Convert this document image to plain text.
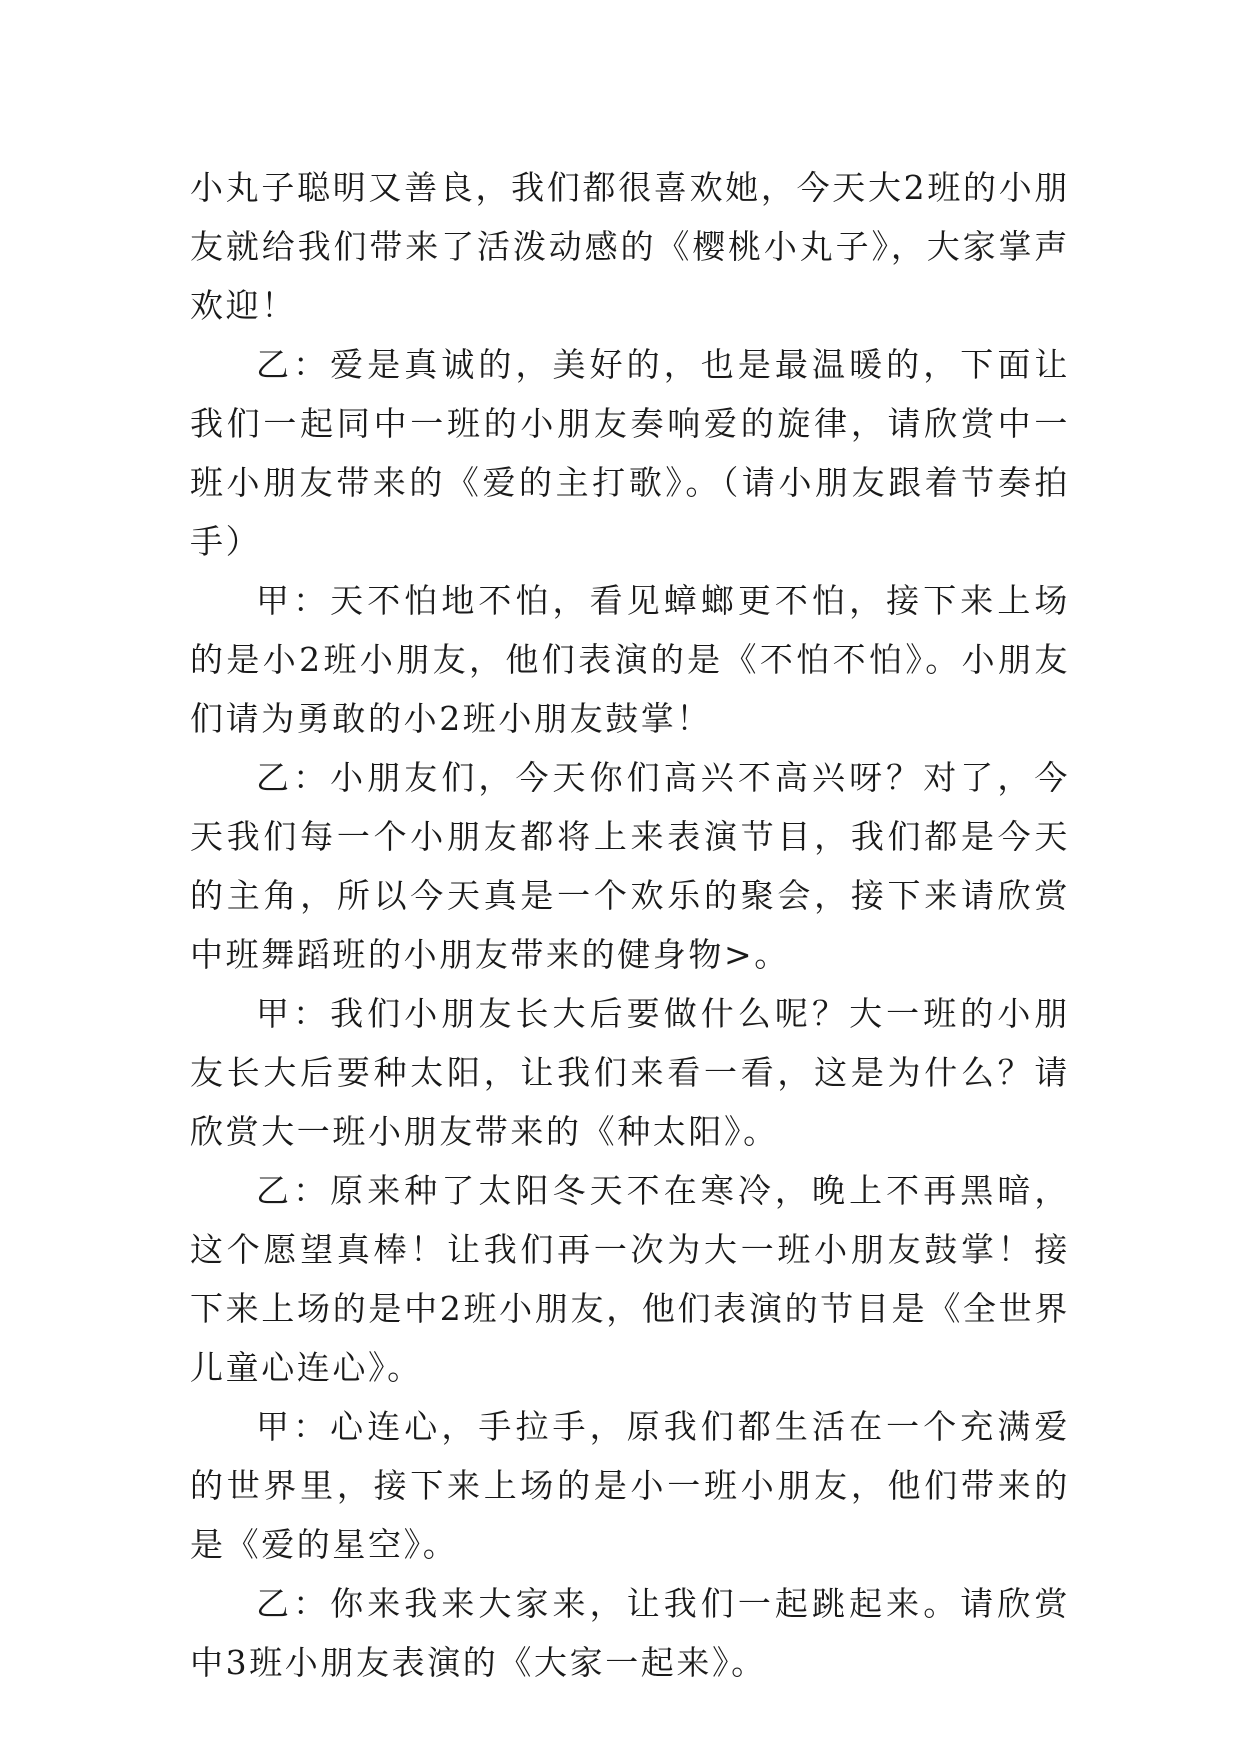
小丸子聪明又善良，我们都很喜欢她，今天大2班的小朋友就给我们带来了活泼动感的《樱桃小丸子》，大家掌声欢迎！

乙：爱是真诚的，美好的，也是最温暖的，下面让我们一起同中一班的小朋友奏响爱的旋律，请欣赏中一班小朋友带来的《爱的主打歌》。（请小朋友跟着节奏拍手）

甲：天不怕地不怕，看见蟑螂更不怕，接下来上场的是小2班小朋友，他们表演的是《不怕不怕》。小朋友们请为勇敢的小2班小朋友鼓掌！

乙：小朋友们，今天你们高兴不高兴呀？对了，今天我们每一个小朋友都将上来表演节目，我们都是今天的主角，所以今天真是一个欢乐的聚会，接下来请欣赏中班舞蹈班的小朋友带来的健身物>。

甲：我们小朋友长大后要做什么呢？大一班的小朋友长大后要种太阳，让我们来看一看，这是为什么？请欣赏大一班小朋友带来的《种太阳》。

乙：原来种了太阳冬天不在寒冷，晚上不再黑暗，这个愿望真棒！让我们再一次为大一班小朋友鼓掌！接下来上场的是中2班小朋友，他们表演的节目是《全世界儿童心连心》。

甲：心连心，手拉手，原我们都生活在一个充满爱的世界里，接下来上场的是小一班小朋友，他们带来的是《爱的星空》。

乙：你来我来大家来，让我们一起跳起来。请欣赏中3班小朋友表演的《大家一起来》。
